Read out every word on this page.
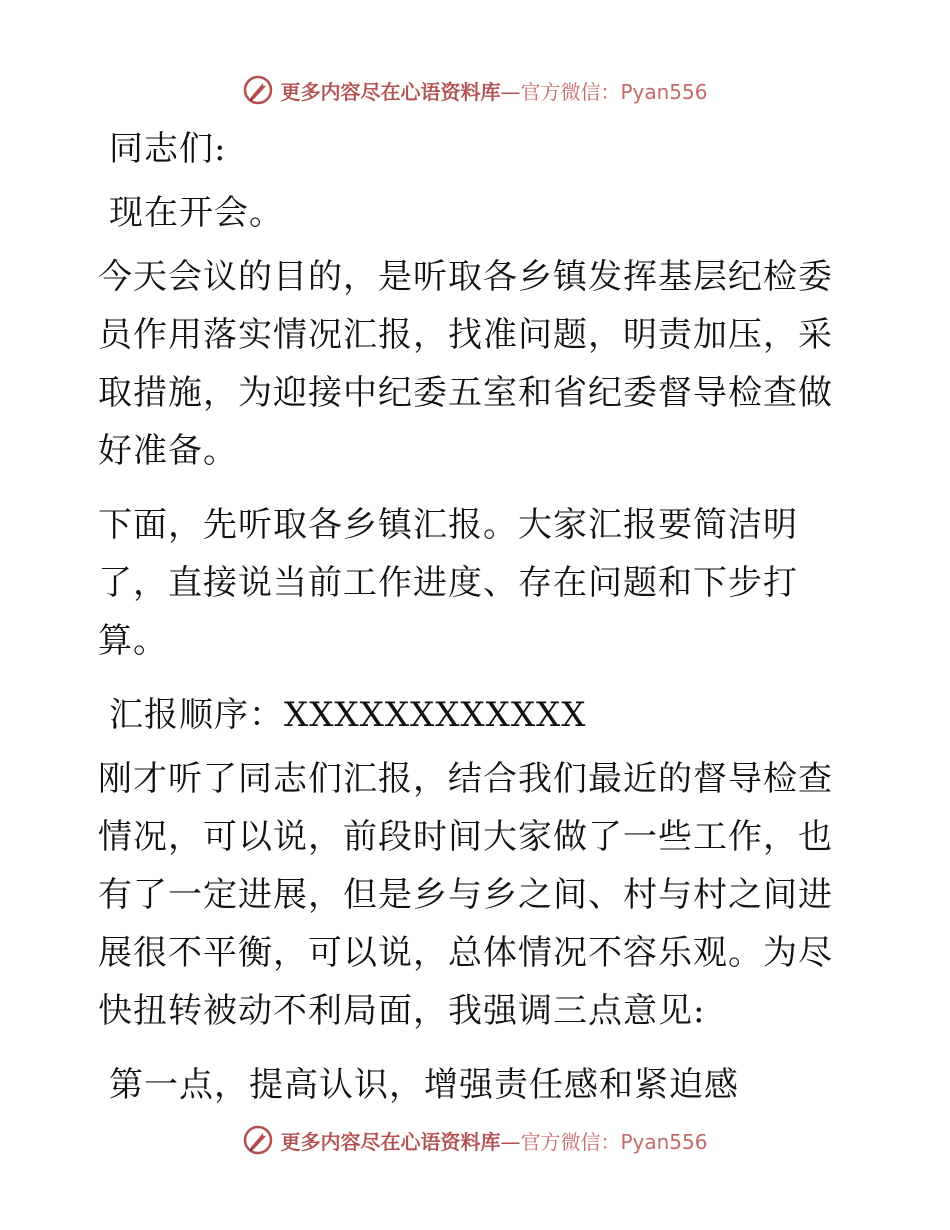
更多内容尽在心语资料库—官方微信：Pyan556

同志们:

现在开会。

今天会议的目的，是听取各乡镇发挥基层纪检委员作用落实情况汇报，找准问题，明责加压，采取措施，为迎接中纪委五室和省纪委督导检查做好准备。

下面，先听取各乡镇汇报。大家汇报要简洁明了，直接说当前工作进度、存在问题和下步打算。

汇报顺序：XXXXXXXXXXXX

刚才听了同志们汇报，结合我们最近的督导检查情况，可以说，前段时间大家做了一些工作，也有了一定进展，但是乡与乡之间、村与村之间进展很不平衡，可以说，总体情况不容乐观。为尽快扭转被动不利局面，我强调三点意见:

第一点，提高认识，增强责任感和紧迫感

更多内容尽在心语资料库—官方微信：Pyan556
